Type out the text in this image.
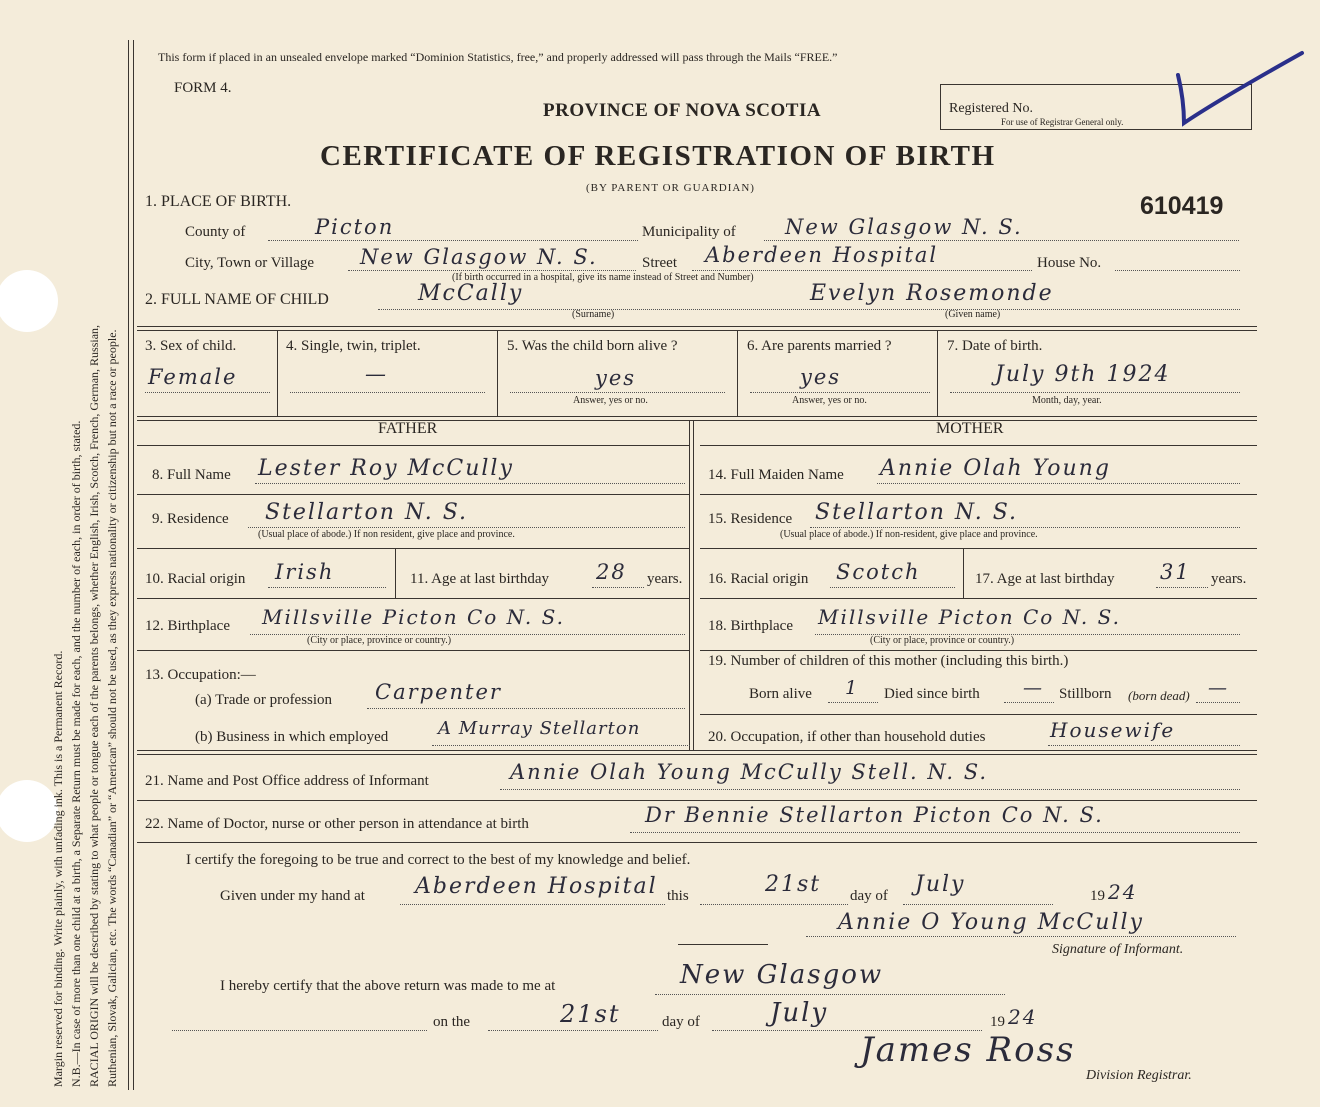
Margin reserved for binding. Write plainly, with unfading ink. This is a Permanent Record. N.B.—In case of more than one child at a birth, a Separate Return must be made for each, and the number of each, in order of birth, stated. RACIAL ORIGIN will be described by stating to what people or tongue each of the parents belongs, whether English, Irish, Scotch, French, German, Russian, Ruthenian, Slovak, Galician, etc. The words “Canadian” or “American” should not be used, as they express nationality or citizenship but not a race or people.
This form if placed in an unsealed envelope marked “Dominion Statistics, free,” and properly addressed will pass through the Mails “FREE.”
FORM 4.
PROVINCE OF NOVA SCOTIA
CERTIFICATE OF REGISTRATION OF BIRTH
(BY PARENT OR GUARDIAN)
Registered No.
For use of Registrar General only.
610419
1. PLACE OF BIRTH.
County of	Picton	Municipality of New Glasgow N. S.
City, Town or Village New Glasgow N. S.	Street Aberdeen Hospital	House No.
(If birth occurred in a hospital, give its name instead of Street and Number)
2. FULL NAME OF CHILD	McCally
(Surname)
Evelyn Rosemonde
(Given name)
3. Sex of child.
Female
4. Single, twin, triplet.
—
5. Was the child born alive ?
yes
Answer, yes or no.
6. Are parents married ?
yes
Answer, yes or no.
7. Date of birth.
July 9th 1924
Month, day, year.
FATHER	MOTHER
8. Full Name Lester Roy McCully
9. Residence Stellarton N. S.
(Usual place of abode.) If non resident, give place and province.
10. Racial origin Irish	11. Age at last birthday 28 years.
12. Birthplace Millsville Picton Co N. S.
(City or place, province or country.)
13. Occupation:—
(a) Trade or profession Carpenter
(b) Business in which employed	A Murray Stellarton
14. Full Maiden Name Annie Olah Young
15. Residence Stellarton N. S.
(Usual place of abode.) If non-resident, give place and province.
16. Racial origin Scotch	17. Age at last birthday 31 years.
18. Birthplace Millsville Picton Co N. S.
(City or place, province or country.)
19. Number of children of this mother (including this birth.)
Born alive 1 Died since birth — Stillborn (born dead) —
20. Occupation, if other than household duties	Housewife
21. Name and Post Office address of Informant	Annie Olah Young McCully Stell. N. S.
22. Name of Doctor, nurse or other person in attendance at birth	Dr Bennie Stellarton Picton Co N. S.
I certify the foregoing to be true and correct to the best of my knowledge and belief.
Given under my hand at Aberdeen Hospital this	21st day of July	19 24
Annie O Young McCully
Signature of Informant.
I hereby certify that the above return was made to me at	New Glasgow
on the	21st	day of	July	19 24
James Ross
Division Registrar.
